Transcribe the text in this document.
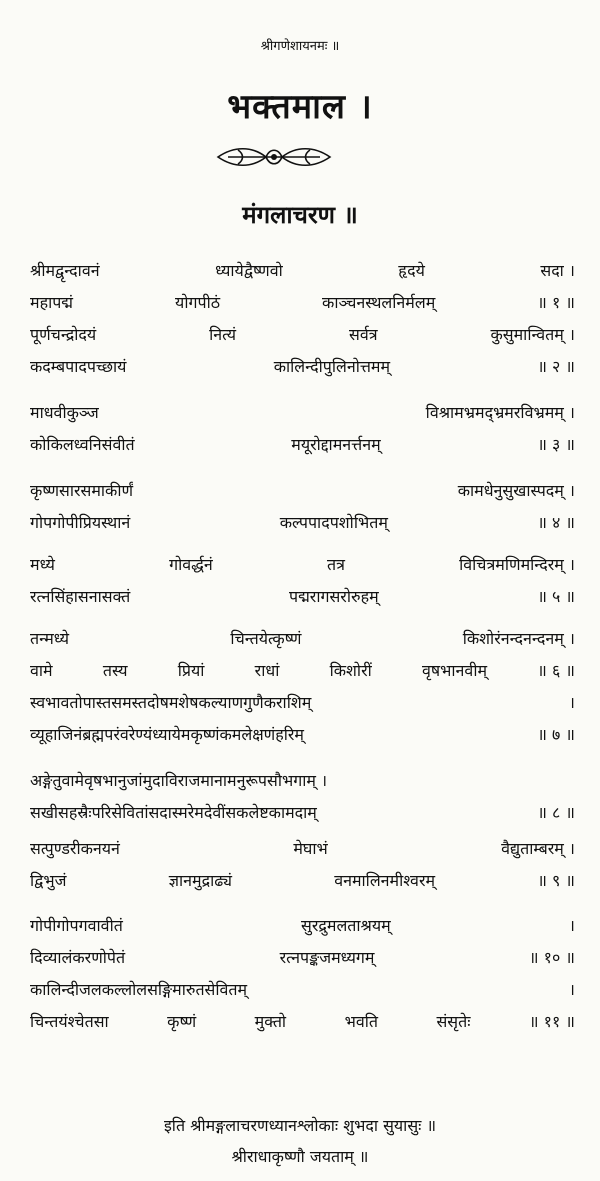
श्रीगणेशायनमः ॥
भक्तमाल ।
मंगलाचरण ॥
श्रीमद्वृन्दावनं	ध्यायेद्वैष्णवो	हृदये	सदा ।
महापद्मं	योगपीठं	काञ्चनस्थलनिर्मलम्	॥ १ ॥
पूर्णचन्द्रोदयं	नित्यं	सर्वत्र	कुसुमान्वितम् ।
कदम्बपादपच्छायं	कालिन्दीपुलिनोत्तमम्	॥ २ ॥
माधवीकुञ्ज	विश्रामभ्रमद्भ्रमरविभ्रमम् ।
कोकिलध्वनिसंवीतं	मयूरोद्दामनर्त्तनम्	॥ ३ ॥
कृष्णसारसमाकीर्णं	कामधेनुसुखास्पदम् ।
गोपगोपीप्रियस्थानं	कल्पपादपशोभितम्	॥ ४ ॥
मध्ये	गोवर्द्धनं	तत्र	विचित्रमणिमन्दिरम् ।
रत्नसिंहासनासक्तं	पद्मरागसरोरुहम्	॥ ५ ॥
तन्मध्ये	चिन्तयेत्कृष्णं	किशोरंनन्दनन्दनम् ।
वामे	तस्य	प्रियां	राधां	किशोरीं	वृषभानवीम्	॥ ६ ॥
स्वभावतोपास्तसमस्तदोषमशेषकल्याणगुणैकराशिम्	।
व्यूहाजिनंब्रह्मपरंवरेण्यंध्यायेमकृष्णंकमलेक्षणंहरिम्	॥ ७ ॥
अङ्गेतुवामेवृषभानुजांमुदाविराजमानामनुरूपसौभगाम् ।
सखीसहस्रैःपरिसेवितांसदास्मरेमदेवींसकलेष्टकामदाम्	॥ ८ ॥
सत्पुण्डरीकनयनं	मेघाभं	वैद्युताम्बरम् ।
द्विभुजं	ज्ञानमुद्राढ्यं	वनमालिनमीश्वरम्	॥ ९ ॥
गोपीगोपगवावीतं	सुरद्रुमलताश्रयम्	।
दिव्यालंकरणोपेतं	रत्नपङ्कजमध्यगम्	॥ १० ॥
कालिन्दीजलकल्लोलसङ्गिमारुतसेवितम्	।
चिन्तयंश्चेतसा	कृष्णं	मुक्तो	भवति	संसृतेः	॥ ११ ॥
इति श्रीमङ्गलाचरणध्यानश्लोकाः शुभदा सुयासुः ॥
श्रीराधाकृष्णौ जयताम् ॥
